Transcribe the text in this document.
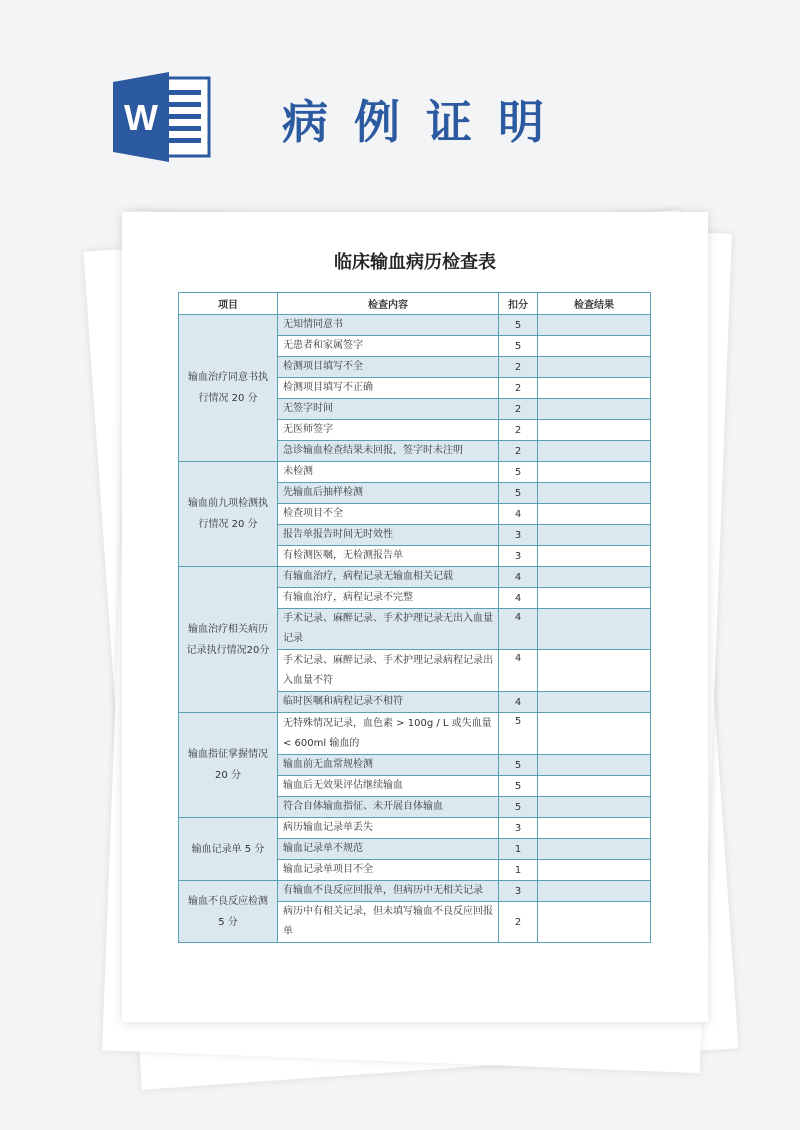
W	病例证明
临床输血病历检查表
项目	检查内容	扣分	检查结果
输血治疗同意书执行情况 20 分	无知情同意书	5	
	无患者和家属签字	5	
	检测项目填写不全	2	
	检测项目填写不正确	2	
	无签字时间	2	
	无医师签字	2	
	急诊输血检查结果未回报，签字时未注明	2	
输血前九项检测执行情况 20 分	未检测	5	
	先输血后抽样检测	5	
	检查项目不全	4	
	报告单报告时间无时效性	3	
	有检测医嘱，无检测报告单	3	
输血治疗相关病历记录执行情况20分	有输血治疗，病程记录无输血相关记载	4	
	有输血治疗，病程记录不完整	4	
	手术记录、麻醉记录、手术护理记录无出入血量记录	4	
	手术记录、麻醉记录、手术护理记录病程记录出入血量不符	4	
	临时医嘱和病程记录不相符	4	
输血指征掌握情况 20 分	无特殊情况记录，血色素 > 100g / L 或失血量 < 600ml 输血的	5	
	输血前无血常规检测	5	
	输血后无效果评估继续输血	5	
	符合自体输血指征、未开展自体输血	5	
输血记录单 5 分	病历输血记录单丢失	3	
	输血记录单不规范	1	
	输血记录单项目不全	1	
输血不良反应检测 5 分	有输血不良反应回报单，但病历中无相关记录	3	
	病历中有相关记录，但未填写输血不良反应回报单	2	
